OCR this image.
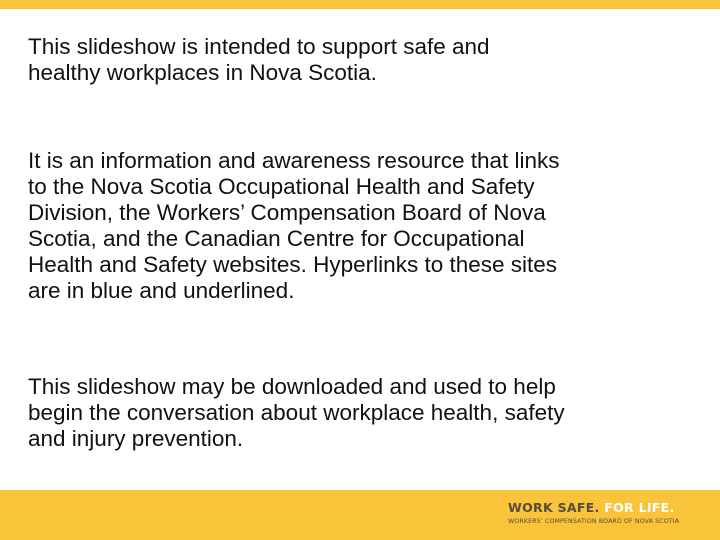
This slideshow is intended to support safe and
healthy workplaces in Nova Scotia.

It is an information and awareness resource that links
to the Nova Scotia Occupational Health and Safety
Division, the Workers’ Compensation Board of Nova
Scotia, and the Canadian Centre for Occupational
Health and Safety websites. Hyperlinks to these sites
are in blue and underlined.

This slideshow may be downloaded and used to help
begin the conversation about workplace health, safety
and injury prevention.

WORK SAFE. FOR LIFE.
WORKERS’ COMPENSATION BOARD OF NOVA SCOTIA
